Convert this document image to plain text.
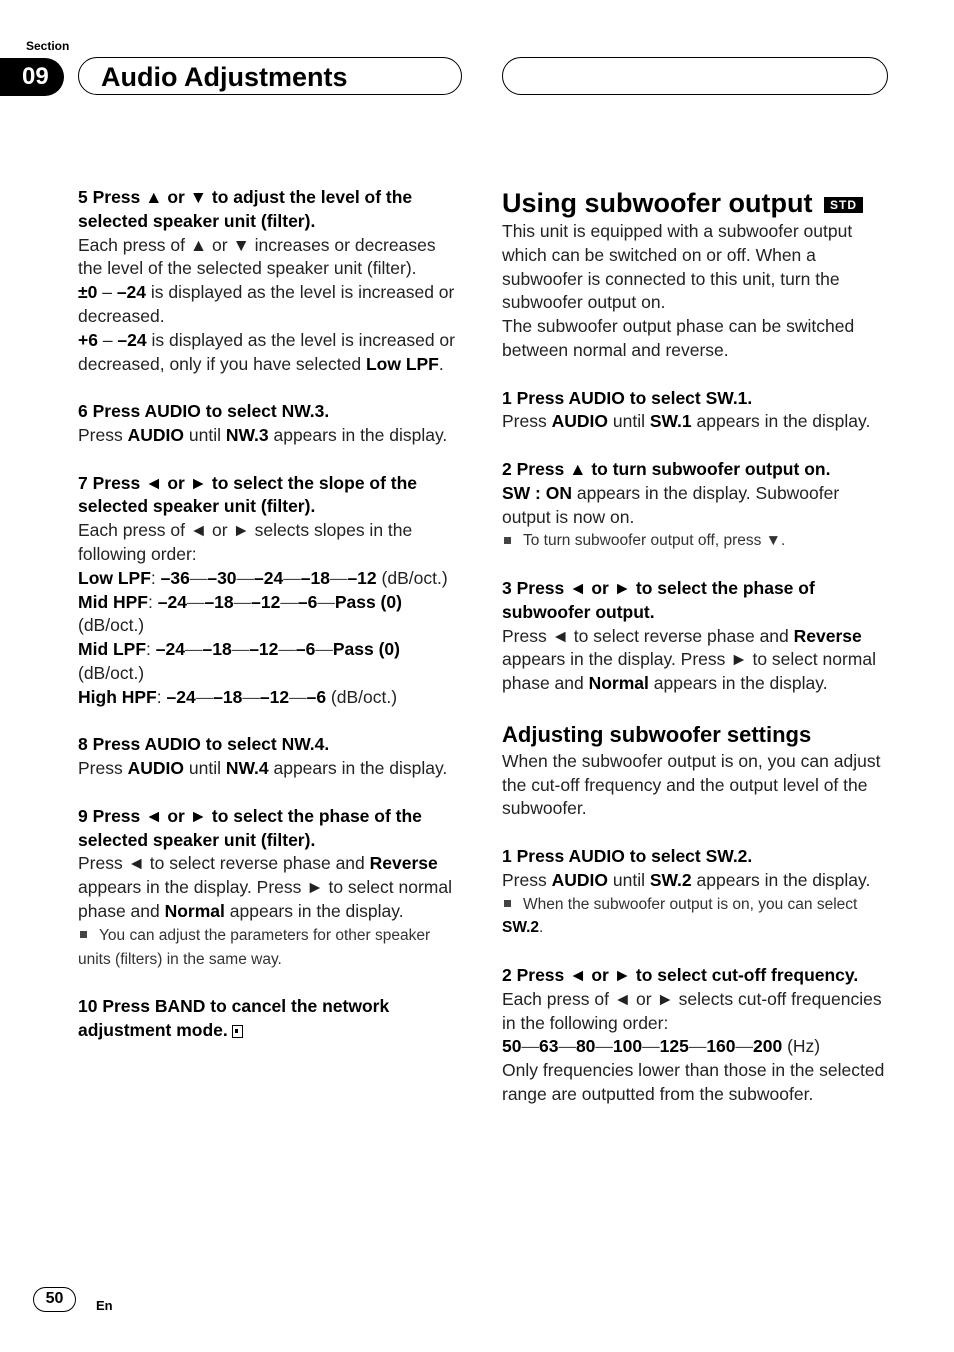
Section
09	Audio Adjustments

5 Press ▲ or ▼ to adjust the level of the selected speaker unit (filter).

Each press of ▲ or ▼ increases or decreases the level of the selected speaker unit (filter).

±0 – –24 is displayed as the level is increased or decreased.

+6 – –24 is displayed as the level is increased or decreased, only if you have selected Low LPF.

6 Press AUDIO to select NW.3.

Press AUDIO until NW.3 appears in the display.

7 Press ◄ or ► to select the slope of the selected speaker unit (filter).

Each press of ◄ or ► selects slopes in the following order:

Low LPF: –36—–30—–24—–18—–12 (dB/oct.)

Mid HPF: –24—–18—–12—–6—Pass (0) (dB/oct.)

Mid LPF: –24—–18—–12—–6—Pass (0) (dB/oct.)

High HPF: –24—–18—–12—–6 (dB/oct.)

8 Press AUDIO to select NW.4.

Press AUDIO until NW.4 appears in the display.

9 Press ◄ or ► to select the phase of the selected speaker unit (filter).

Press ◄ to select reverse phase and Reverse appears in the display. Press ► to select normal phase and Normal appears in the display.

You can adjust the parameters for other speaker units (filters) in the same way.

10 Press BAND to cancel the network adjustment mode.

Using subwoofer output STD

This unit is equipped with a subwoofer output which can be switched on or off. When a subwoofer is connected to this unit, turn the subwoofer output on.

The subwoofer output phase can be switched between normal and reverse.

1 Press AUDIO to select SW.1.

Press AUDIO until SW.1 appears in the display.

2 Press ▲ to turn subwoofer output on.

SW : ON appears in the display. Subwoofer output is now on.

To turn subwoofer output off, press ▼.

3 Press ◄ or ► to select the phase of subwoofer output.

Press ◄ to select reverse phase and Reverse appears in the display. Press ► to select normal phase and Normal appears in the display.

Adjusting subwoofer settings

When the subwoofer output is on, you can adjust the cut-off frequency and the output level of the subwoofer.

1 Press AUDIO to select SW.2.

Press AUDIO until SW.2 appears in the display.

When the subwoofer output is on, you can select SW.2.

2 Press ◄ or ► to select cut-off frequency.

Each press of ◄ or ► selects cut-off frequencies in the following order:

50—63—80—100—125—160—200 (Hz)

Only frequencies lower than those in the selected range are outputted from the subwoofer.

50	En
